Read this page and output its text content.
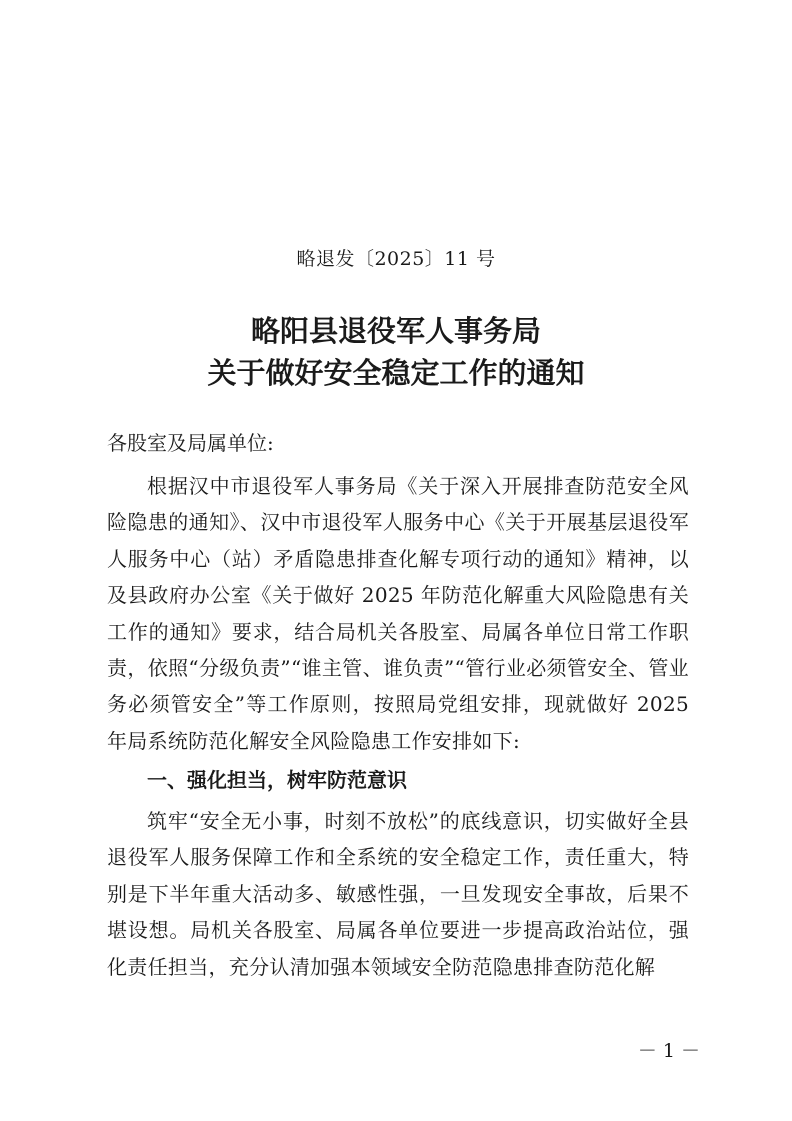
略退发〔2025〕11 号
略阳县退役军人事务局
关于做好安全稳定工作的通知
各股室及局属单位:
根据汉中市退役军人事务局《关于深入开展排查防范安全风险隐患的通知》、汉中市退役军人服务中心《关于开展基层退役军人服务中心（站）矛盾隐患排查化解专项行动的通知》精神，以及县政府办公室《关于做好 2025 年防范化解重大风险隐患有关工作的通知》要求，结合局机关各股室、局属各单位日常工作职责，依照“分级负责”“谁主管、谁负责”“管行业必须管安全、管业务必须管安全”等工作原则，按照局党组安排，现就做好 2025 年局系统防范化解安全风险隐患工作安排如下:
一、强化担当，树牢防范意识
筑牢“安全无小事，时刻不放松”的底线意识，切实做好全县退役军人服务保障工作和全系统的安全稳定工作，责任重大，特别是下半年重大活动多、敏感性强，一旦发现安全事故，后果不堪设想。局机关各股室、局属各单位要进一步提高政治站位，强化责任担当，充分认清加强本领域安全防范隐患排查防范化解
－ 1 －
